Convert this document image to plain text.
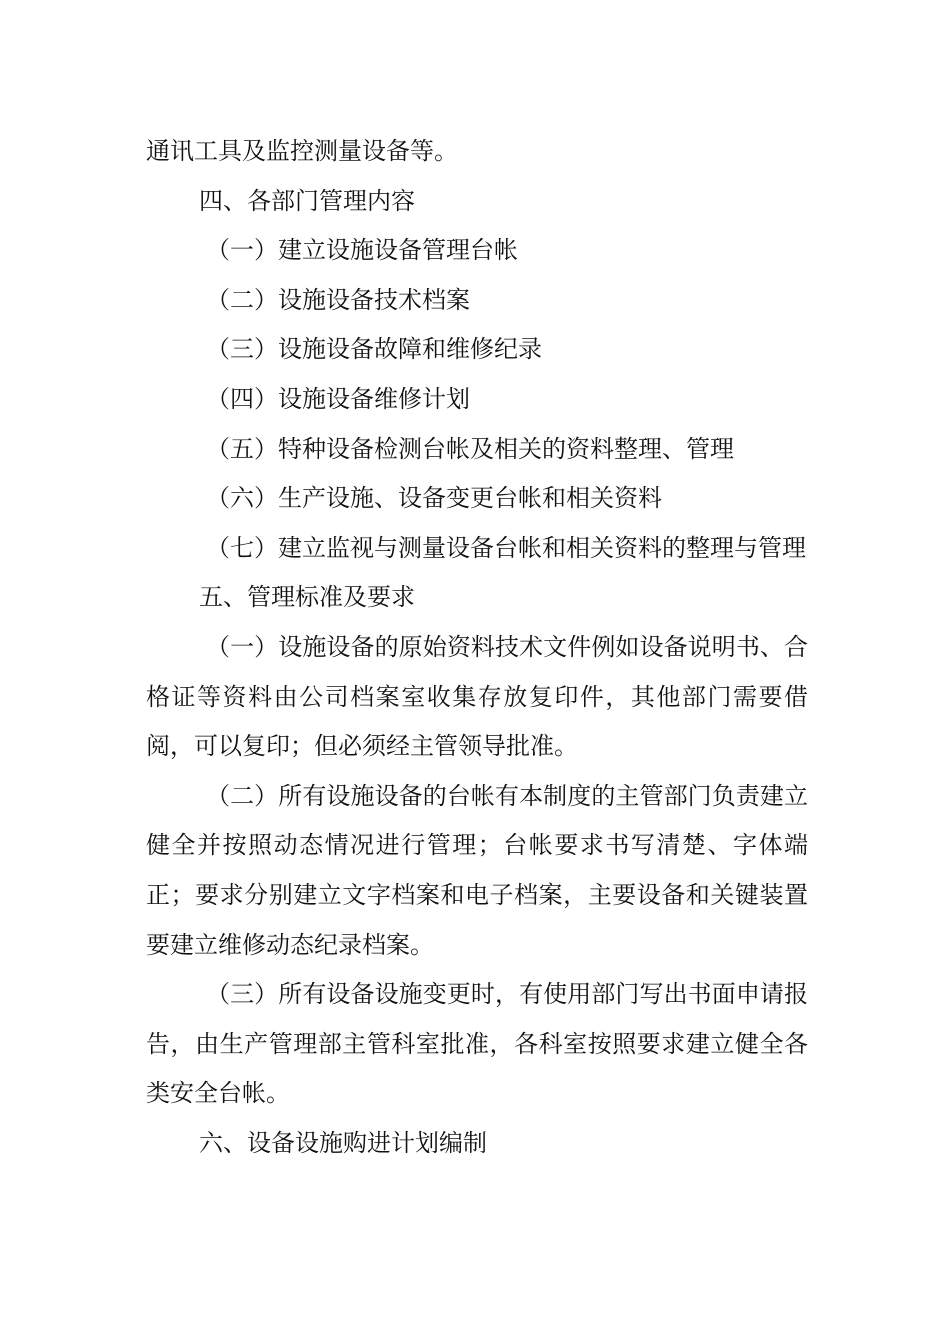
通讯工具及监控测量设备等。

四、各部门管理内容

（一）建立设施设备管理台帐

（二）设施设备技术档案

（三）设施设备故障和维修纪录

（四）设施设备维修计划

（五）特种设备检测台帐及相关的资料整理、管理

（六）生产设施、设备变更台帐和相关资料

（七）建立监视与测量设备台帐和相关资料的整理与管理

五、管理标准及要求

（一）设施设备的原始资料技术文件例如设备说明书、合格证等资料由公司档案室收集存放复印件，其他部门需要借阅，可以复印；但必须经主管领导批准。

（二）所有设施设备的台帐有本制度的主管部门负责建立健全并按照动态情况进行管理；台帐要求书写清楚、字体端正；要求分别建立文字档案和电子档案，主要设备和关键装置要建立维修动态纪录档案。

（三）所有设备设施变更时，有使用部门写出书面申请报告，由生产管理部主管科室批准，各科室按照要求建立健全各类安全台帐。

六、设备设施购进计划编制
